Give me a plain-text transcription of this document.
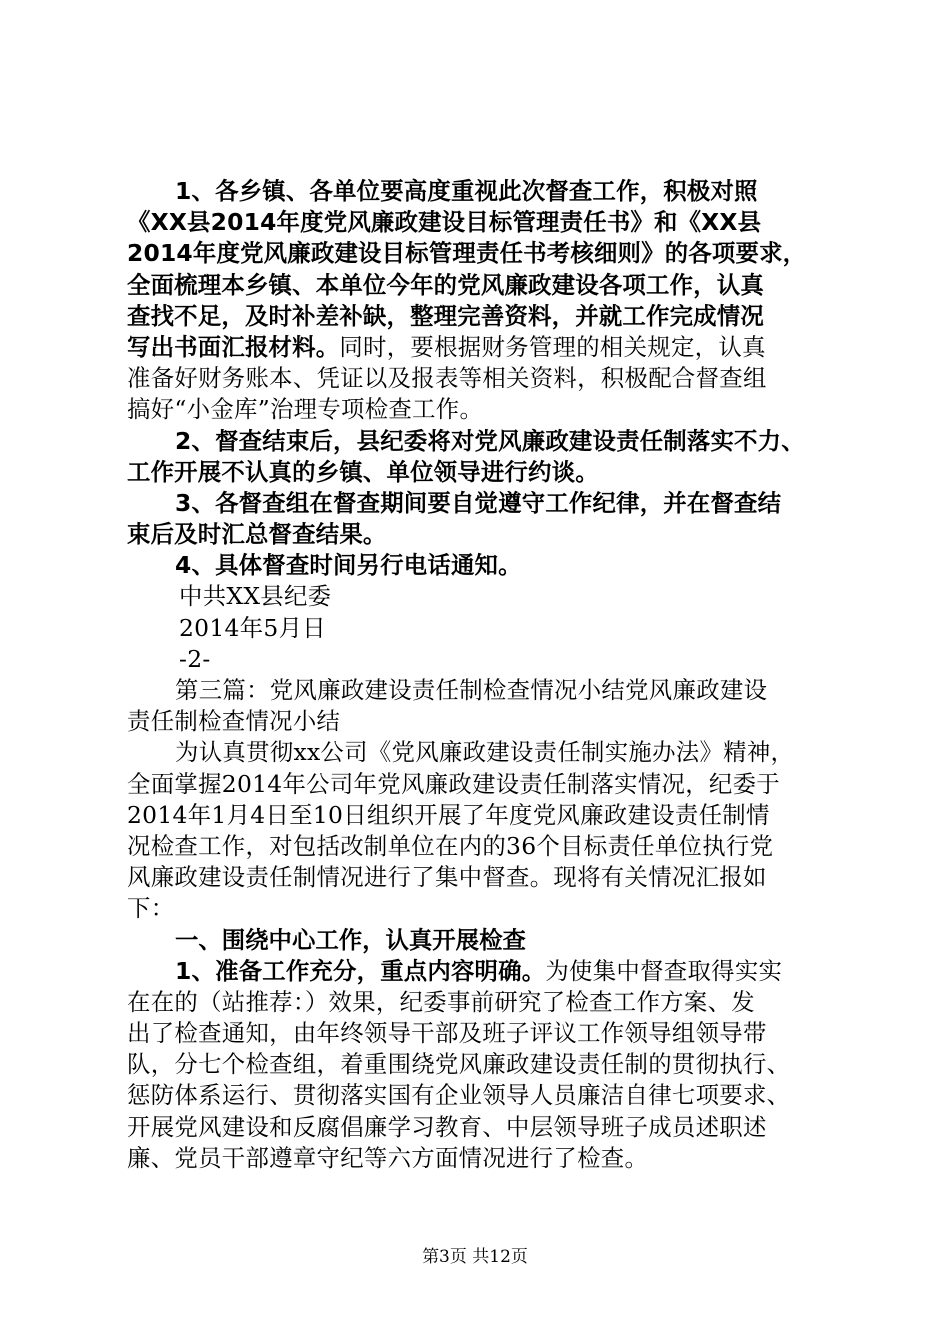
1、各乡镇、各单位要高度重视此次督查工作，积极对照
《XX县2014年度党风廉政建设目标管理责任书》和《XX县
2014年度党风廉政建设目标管理责任书考核细则》的各项要求，
全面梳理本乡镇、本单位今年的党风廉政建设各项工作，认真
查找不足，及时补差补缺，整理完善资料，并就工作完成情况
写出书面汇报材料。同时，要根据财务管理的相关规定，认真
准备好财务账本、凭证以及报表等相关资料，积极配合督查组
搞好“小金库”治理专项检查工作。
2、督查结束后，县纪委将对党风廉政建设责任制落实不力、
工作开展不认真的乡镇、单位领导进行约谈。
3、各督查组在督查期间要自觉遵守工作纪律，并在督查结
束后及时汇总督查结果。
4、具体督查时间另行电话通知。
中共XX县纪委
2014年5月日
-2-
第三篇：党风廉政建设责任制检查情况小结党风廉政建设
责任制检查情况小结
为认真贯彻xx公司《党风廉政建设责任制实施办法》精神，
全面掌握2014年公司年党风廉政建设责任制落实情况，纪委于
2014年1月4日至10日组织开展了年度党风廉政建设责任制情
况检查工作，对包括改制单位在内的36个目标责任单位执行党
风廉政建设责任制情况进行了集中督查。现将有关情况汇报如
下：
一、围绕中心工作，认真开展检查
1、准备工作充分，重点内容明确。为使集中督查取得实实
在在的（站推荐：）效果，纪委事前研究了检查工作方案、发
出了检查通知，由年终领导干部及班子评议工作领导组领导带
队，分七个检查组，着重围绕党风廉政建设责任制的贯彻执行、
惩防体系运行、贯彻落实国有企业领导人员廉洁自律七项要求、
开展党风建设和反腐倡廉学习教育、中层领导班子成员述职述
廉、党员干部遵章守纪等六方面情况进行了检查。
第3页 共12页
